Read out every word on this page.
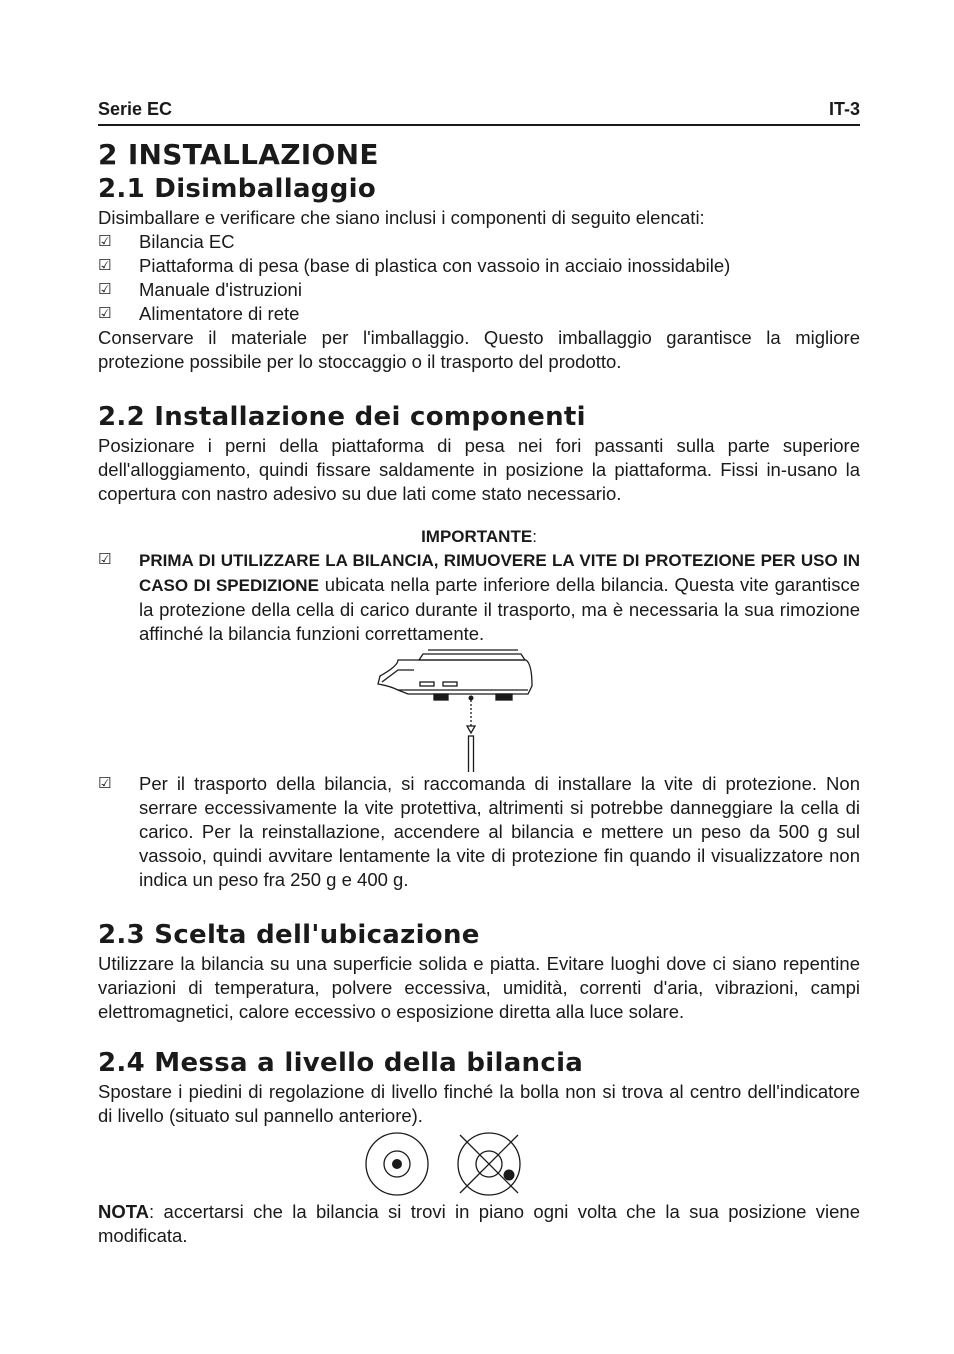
Serie EC	IT-3
2 INSTALLAZIONE
2.1 Disimballaggio

Disimballare e verificare che siano inclusi i componenti di seguito elencati:

☑	Bilancia EC
☑	Piattaforma di pesa (base di plastica con vassoio in acciaio inossidabile)
☑	Manuale d'istruzioni
☑	Alimentatore di rete

Conservare il materiale per l'imballaggio. Questo imballaggio garantisce la migliore protezione possibile per lo stoccaggio o il trasporto del prodotto.

2.2 Installazione dei componenti

Posizionare i perni della piattaforma di pesa nei fori passanti sulla parte superiore dell'alloggiamento, quindi fissare saldamente in posizione la piattaforma. Fissi in-usano la copertura con nastro adesivo su due lati come stato necessario.

IMPORTANTE:
☑	PRIMA DI UTILIZZARE LA BILANCIA, RIMUOVERE LA VITE DI PROTEZIONE PER USO IN CASO DI SPEDIZIONE ubicata nella parte inferiore della bilancia. Questa vite garantisce la protezione della cella di carico durante il trasporto, ma è necessaria la sua rimozione affinché la bilancia funzioni correttamente.
☑	Per il trasporto della bilancia, si raccomanda di installare la vite di protezione. Non serrare eccessivamente la vite protettiva, altrimenti si potrebbe danneggiare la cella di carico. Per la reinstallazione, accendere al bilancia e mettere un peso da 500 g sul vassoio, quindi avvitare lentamente la vite di protezione fin quando il visualizzatore non indica un peso fra 250 g e 400 g.
2.3 Scelta dell'ubicazione

Utilizzare la bilancia su una superficie solida e piatta. Evitare luoghi dove ci siano repentine variazioni di temperatura, polvere eccessiva, umidità, correnti d'aria, vibrazioni, campi elettromagnetici, calore eccessivo o esposizione diretta alla luce solare.

2.4 Messa a livello della bilancia

Spostare i piedini di regolazione di livello finché la bolla non si trova al centro dell'indicatore di livello (situato sul pannello anteriore).

NOTA: accertarsi che la bilancia si trovi in piano ogni volta che la sua posizione viene modificata.
